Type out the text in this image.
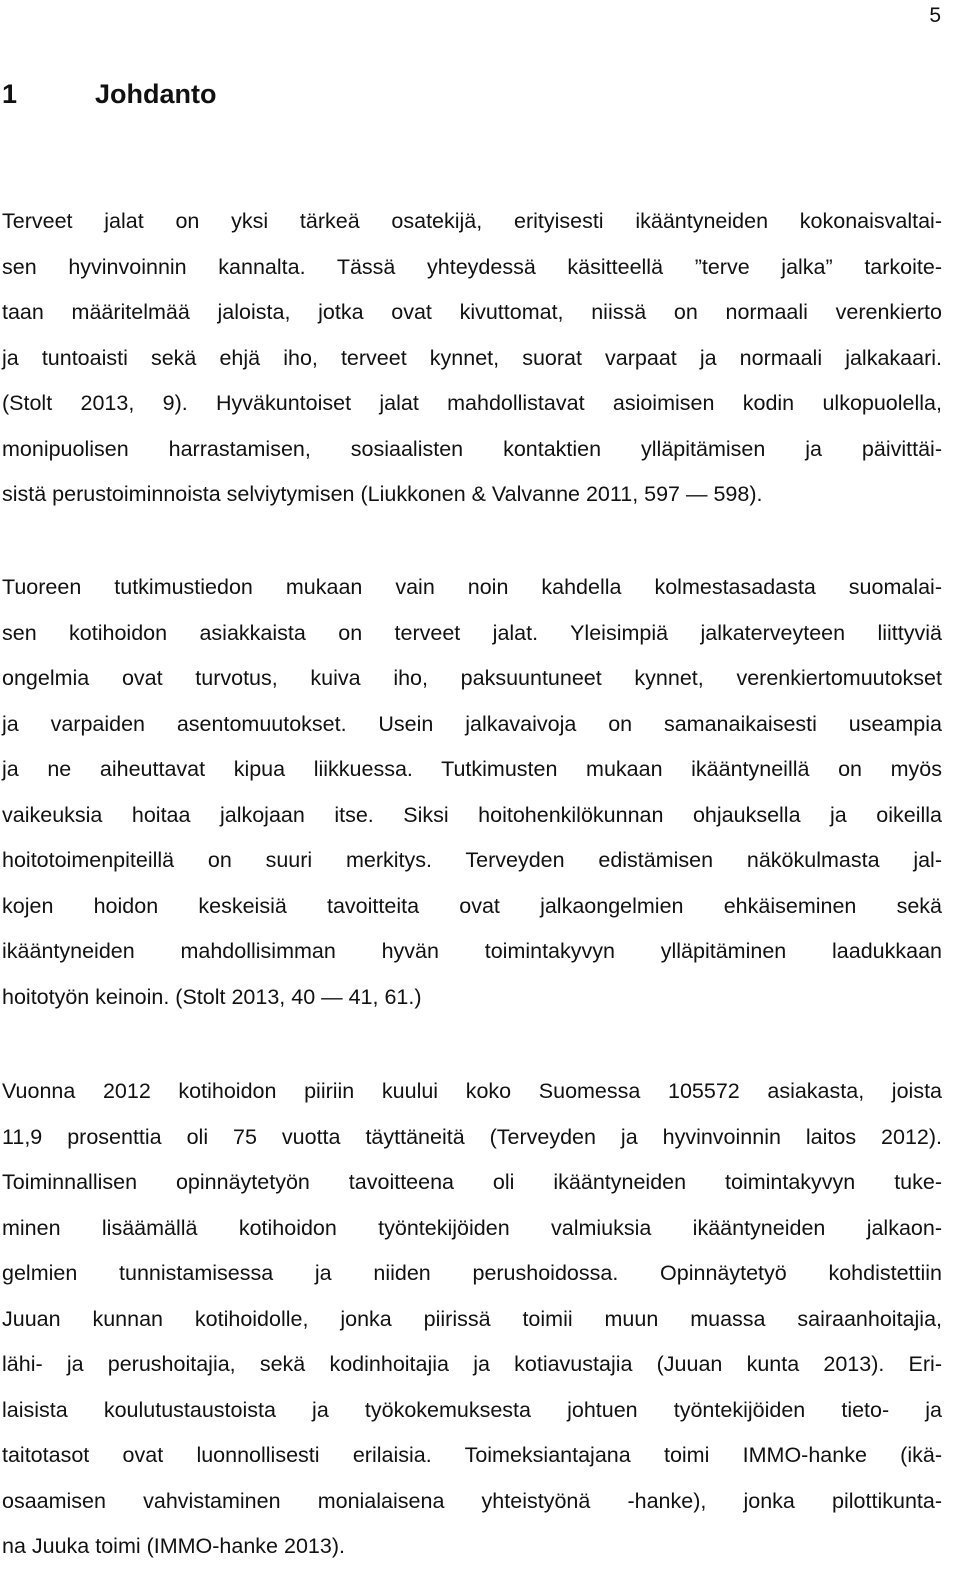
5
1	Johdanto
Terveet jalat on yksi tärkeä osatekijä, erityisesti ikääntyneiden kokonaisvaltai-
sen hyvinvoinnin kannalta. Tässä yhteydessä käsitteellä ”terve jalka” tarkoite-
taan määritelmää jaloista, jotka ovat kivuttomat, niissä on normaali verenkierto
ja tuntoaisti sekä ehjä iho, terveet kynnet, suorat varpaat ja normaali jalkakaari.
(Stolt 2013, 9). Hyväkuntoiset jalat mahdollistavat asioimisen kodin ulkopuolella,
monipuolisen harrastamisen, sosiaalisten kontaktien ylläpitämisen ja päivittäi-
sistä perustoiminnoista selviytymisen (Liukkonen & Valvanne 2011, 597 — 598).
Tuoreen tutkimustiedon mukaan vain noin kahdella kolmestasadasta suomalai-
sen kotihoidon asiakkaista on terveet jalat. Yleisimpiä jalkaterveyteen liittyviä
ongelmia ovat turvotus, kuiva iho, paksuuntuneet kynnet, verenkiertomuutokset
ja varpaiden asentomuutokset. Usein jalkavaivoja on samanaikaisesti useampia
ja ne aiheuttavat kipua liikkuessa. Tutkimusten mukaan ikääntyneillä on myös
vaikeuksia hoitaa jalkojaan itse. Siksi hoitohenkilökunnan ohjauksella ja oikeilla
hoitotoimenpiteillä on suuri merkitys. Terveyden edistämisen näkökulmasta jal-
kojen hoidon keskeisiä tavoitteita ovat jalkaongelmien ehkäiseminen sekä
ikääntyneiden mahdollisimman hyvän toimintakyvyn ylläpitäminen laadukkaan
hoitotyön keinoin. (Stolt 2013, 40 — 41, 61.)
Vuonna 2012 kotihoidon piiriin kuului koko Suomessa 105572 asiakasta, joista
11,9 prosenttia oli 75 vuotta täyttäneitä (Terveyden ja hyvinvoinnin laitos 2012).
Toiminnallisen opinnäytetyön tavoitteena oli ikääntyneiden toimintakyvyn tuke-
minen lisäämällä kotihoidon työntekijöiden valmiuksia ikääntyneiden jalkaon-
gelmien tunnistamisessa ja niiden perushoidossa. Opinnäytetyö kohdistettiin
Juuan kunnan kotihoidolle, jonka piirissä toimii muun muassa sairaanhoitajia,
lähi- ja perushoitajia, sekä kodinhoitajia ja kotiavustajia (Juuan kunta 2013). Eri-
laisista koulutustaustoista ja työkokemuksesta johtuen työntekijöiden tieto- ja
taitotasot ovat luonnollisesti erilaisia. Toimeksiantajana toimi IMMO-hanke (ikä-
osaamisen vahvistaminen monialaisena yhteistyönä -hanke), jonka pilottikunta-
na Juuka toimi (IMMO-hanke 2013).
